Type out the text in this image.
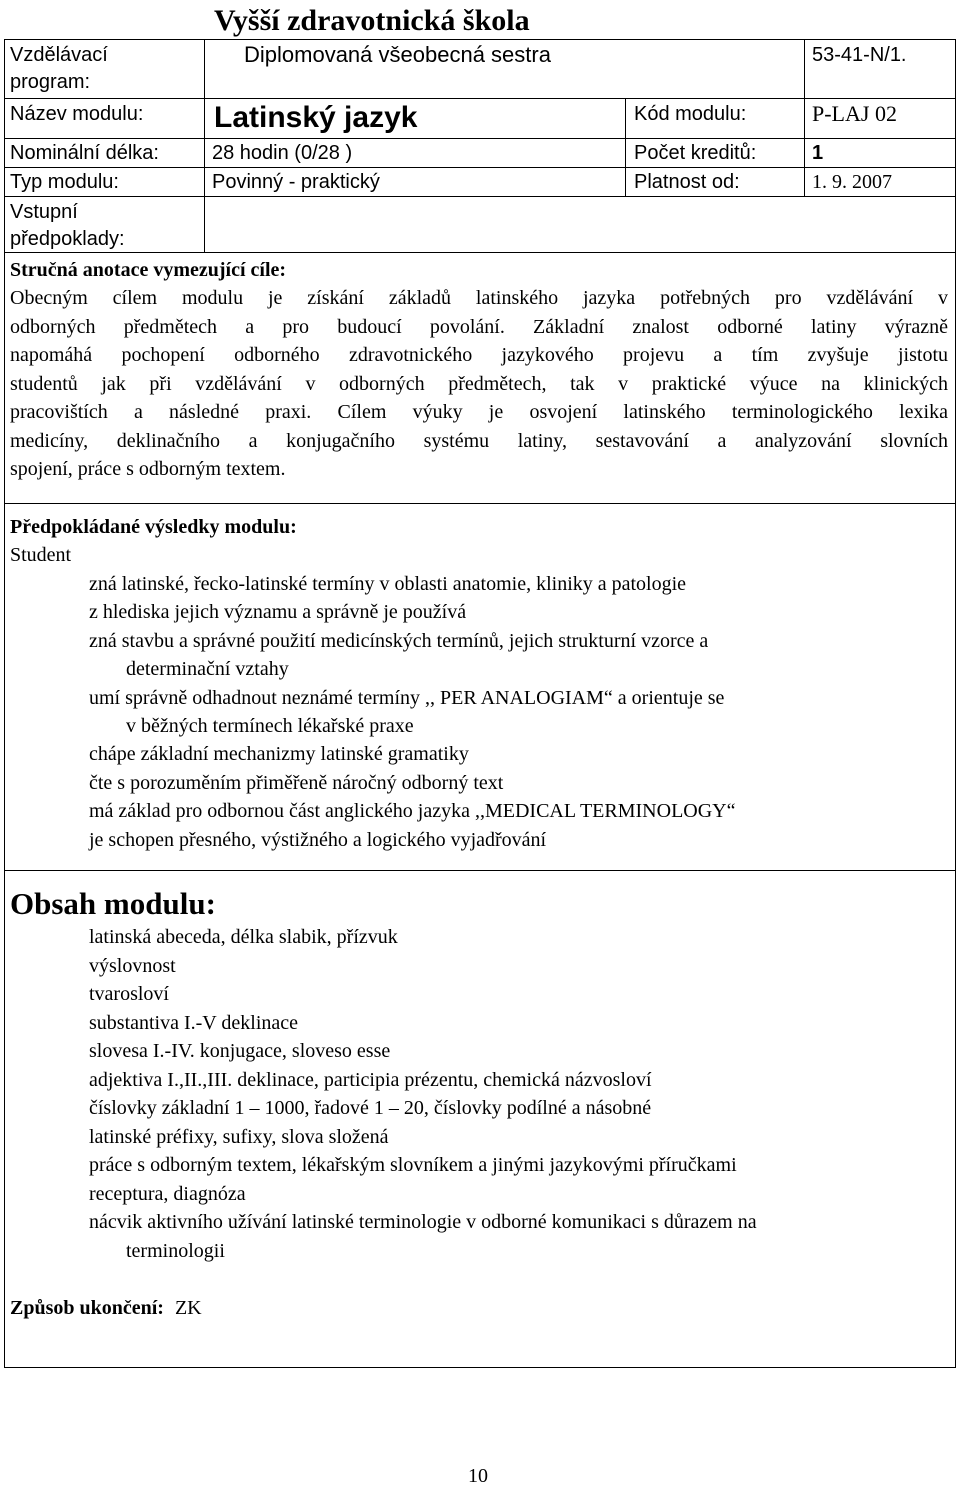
Vyšší zdravotnická škola
Vzdělávací
program:
Diplomovaná všeobecná sestra	53-41-N/1.
Název modulu: Latinský jazyk	Kód modulu:	P-LAJ 02
Nominální délka:	28 hodin (0/28 )	Počet kreditů:	1
Typ modulu:	Povinný - praktický	Platnost od:	1. 9. 2007
Vstupní
předpoklady:
Stručná anotace vymezující cíle:
Obecným cílem modulu je získání základů latinského jazyka potřebných pro vzdělávání v
odborných předmětech a pro budoucí povolání. Základní znalost odborné latiny výrazně
napomáhá pochopení odborného zdravotnického jazykového projevu a tím zvyšuje jistotu
studentů jak při vzdělávání v odborných předmětech, tak v praktické výuce na klinických
pracovištích a následné praxi. Cílem výuky je osvojení latinského terminologického lexika
medicíny, deklinačního a konjugačního systému latiny, sestavování a analyzování slovních
spojení, práce s odborným textem.
Předpokládané výsledky modulu:
Student
zná latinské, řecko-latinské termíny v oblasti anatomie, kliniky a patologie
z hlediska jejich významu a správně je používá
zná stavbu a správné použití medicínských termínů, jejich strukturní vzorce a
determinační vztahy
umí správně odhadnout neznámé termíny ,, PER ANALOGIAM“ a orientuje se
v běžných termínech lékařské praxe
chápe základní mechanizmy latinské gramatiky
čte s porozuměním přiměřeně náročný odborný text
má základ pro odbornou část anglického jazyka ,,MEDICAL TERMINOLOGY“
je schopen přesného, výstižného a logického vyjadřování
Obsah modulu:
latinská abeceda, délka slabik, přízvuk
výslovnost
tvarosloví
substantiva I.-V deklinace
slovesa I.-IV. konjugace, sloveso esse
adjektiva I.,II.,III. deklinace, participia prézentu, chemická názvosloví
číslovky základní 1 – 1000, řadové 1 – 20, číslovky podílné a násobné
latinské préfixy, sufixy, slova složená
práce s odborným textem, lékařským slovníkem a jinými jazykovými příručkami
receptura, diagnóza
nácvik aktivního užívání latinské terminologie v odborné komunikaci s důrazem na
terminologii
Způsob ukončení: ZK
10
